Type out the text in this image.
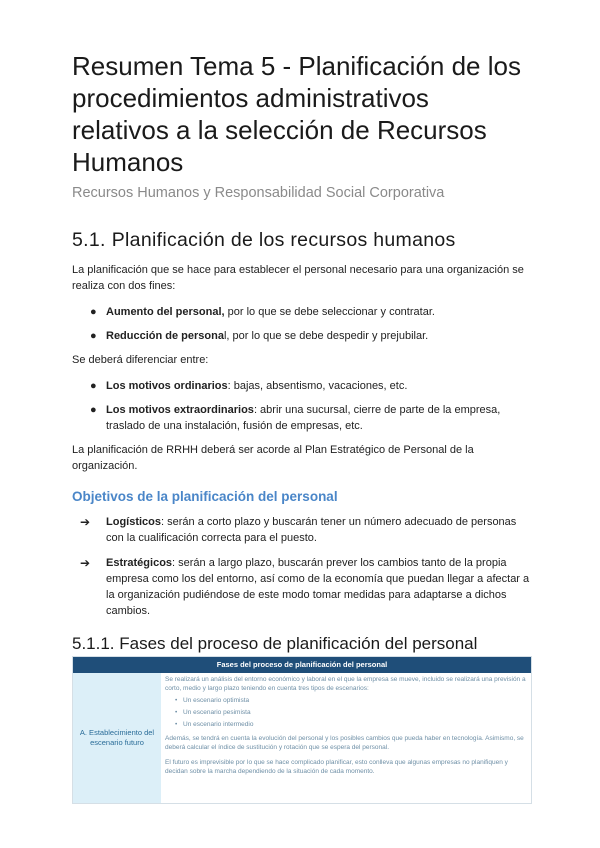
Resumen Tema 5 - Planificación de los procedimientos administrativos relativos a la selección de Recursos Humanos
Recursos Humanos y Responsabilidad Social Corporativa
5.1. Planificación de los recursos humanos

La planificación que se hace para establecer el personal necesario para una organización se realiza con dos fines:

● Aumento del personal, por lo que se debe seleccionar y contratar.
● Reducción de personal, por lo que se debe despedir y prejubilar.

Se deberá diferenciar entre:

● Los motivos ordinarios: bajas, absentismo, vacaciones, etc.
● Los motivos extraordinarios: abrir una sucursal, cierre de parte de la empresa, traslado de una instalación, fusión de empresas, etc.

La planificación de RRHH deberá ser acorde al Plan Estratégico de Personal de la organización.

Objetivos de la planificación del personal
➔ Logísticos: serán a corto plazo y buscarán tener un número adecuado de personas con la cualificación correcta para el puesto.
➔ Estratégicos: serán a largo plazo, buscarán prever los cambios tanto de la propia empresa como los del entorno, así como de la economía que puedan llegar a afectar a la organización pudiéndose de este modo tomar medidas para adaptarse a dichos cambios.
5.1.1. Fases del proceso de planificación del personal
Fases del proceso de planificación del personal
A. Establecimiento del escenario futuro

Se realizará un análisis del entorno económico y laboral en el que la empresa se mueve, incluido se realizará una previsión a corto, medio y largo plazo teniendo en cuenta tres tipos de escenarios:

• Un escenario optimista
• Un escenario pesimista
• Un escenario intermedio

Además, se tendrá en cuenta la evolución del personal y los posibles cambios que pueda haber en tecnología. Asimismo, se deberá calcular el índice de sustitución y rotación que se espera del personal.

El futuro es imprevisible por lo que se hace complicado planificar, esto conlleva que algunas empresas no planifiquen y decidan sobre la marcha dependiendo de la situación de cada momento.
